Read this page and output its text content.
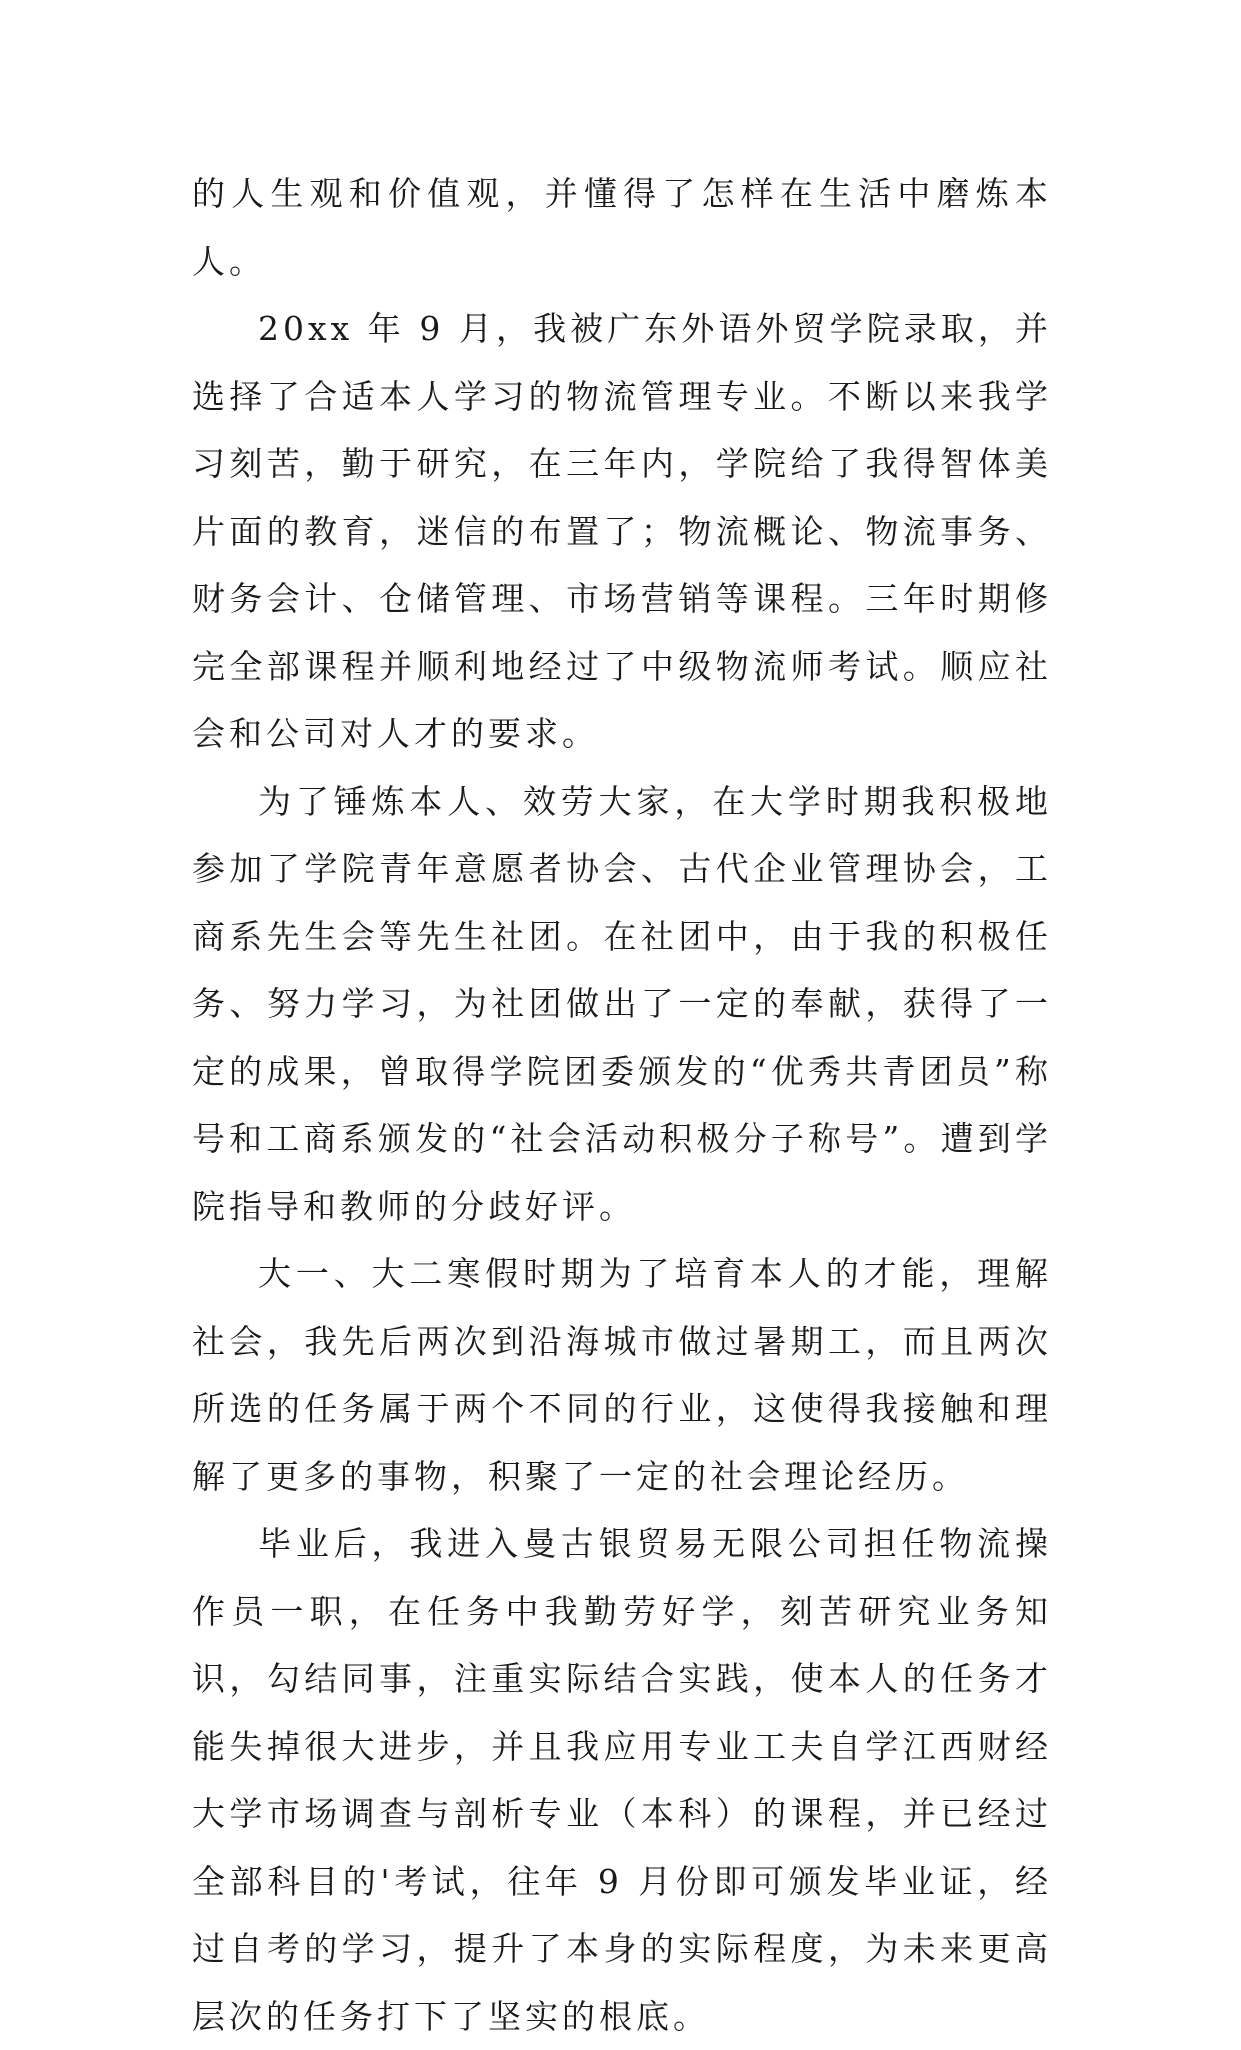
的人生观和价值观，并懂得了怎样在生活中磨炼本人。

20xx 年 9 月，我被广东外语外贸学院录取，并选择了合适本人学习的物流管理专业。不断以来我学习刻苦，勤于研究，在三年内，学院给了我得智体美片面的教育，迷信的布置了；物流概论、物流事务、财务会计、仓储管理、市场营销等课程。三年时期修完全部课程并顺利地经过了中级物流师考试。顺应社会和公司对人才的要求。

为了锤炼本人、效劳大家，在大学时期我积极地参加了学院青年意愿者协会、古代企业管理协会，工商系先生会等先生社团。在社团中，由于我的积极任务、努力学习，为社团做出了一定的奉献，获得了一定的成果，曾取得学院团委颁发的“优秀共青团员”称号和工商系颁发的“社会活动积极分子称号”。遭到学院指导和教师的分歧好评。

大一、大二寒假时期为了培育本人的才能，理解社会，我先后两次到沿海城市做过暑期工，而且两次所选的任务属于两个不同的行业，这使得我接触和理解了更多的事物，积聚了一定的社会理论经历。

毕业后，我进入曼古银贸易无限公司担任物流操作员一职，在任务中我勤劳好学，刻苦研究业务知识，勾结同事，注重实际结合实践，使本人的任务才能失掉很大进步，并且我应用专业工夫自学江西财经大学市场调查与剖析专业（本科）的课程，并已经过全部科目的'考试，往年 9 月份即可颁发毕业证，经过自考的学习，提升了本身的实际程度，为未来更高层次的任务打下了坚实的根底。
